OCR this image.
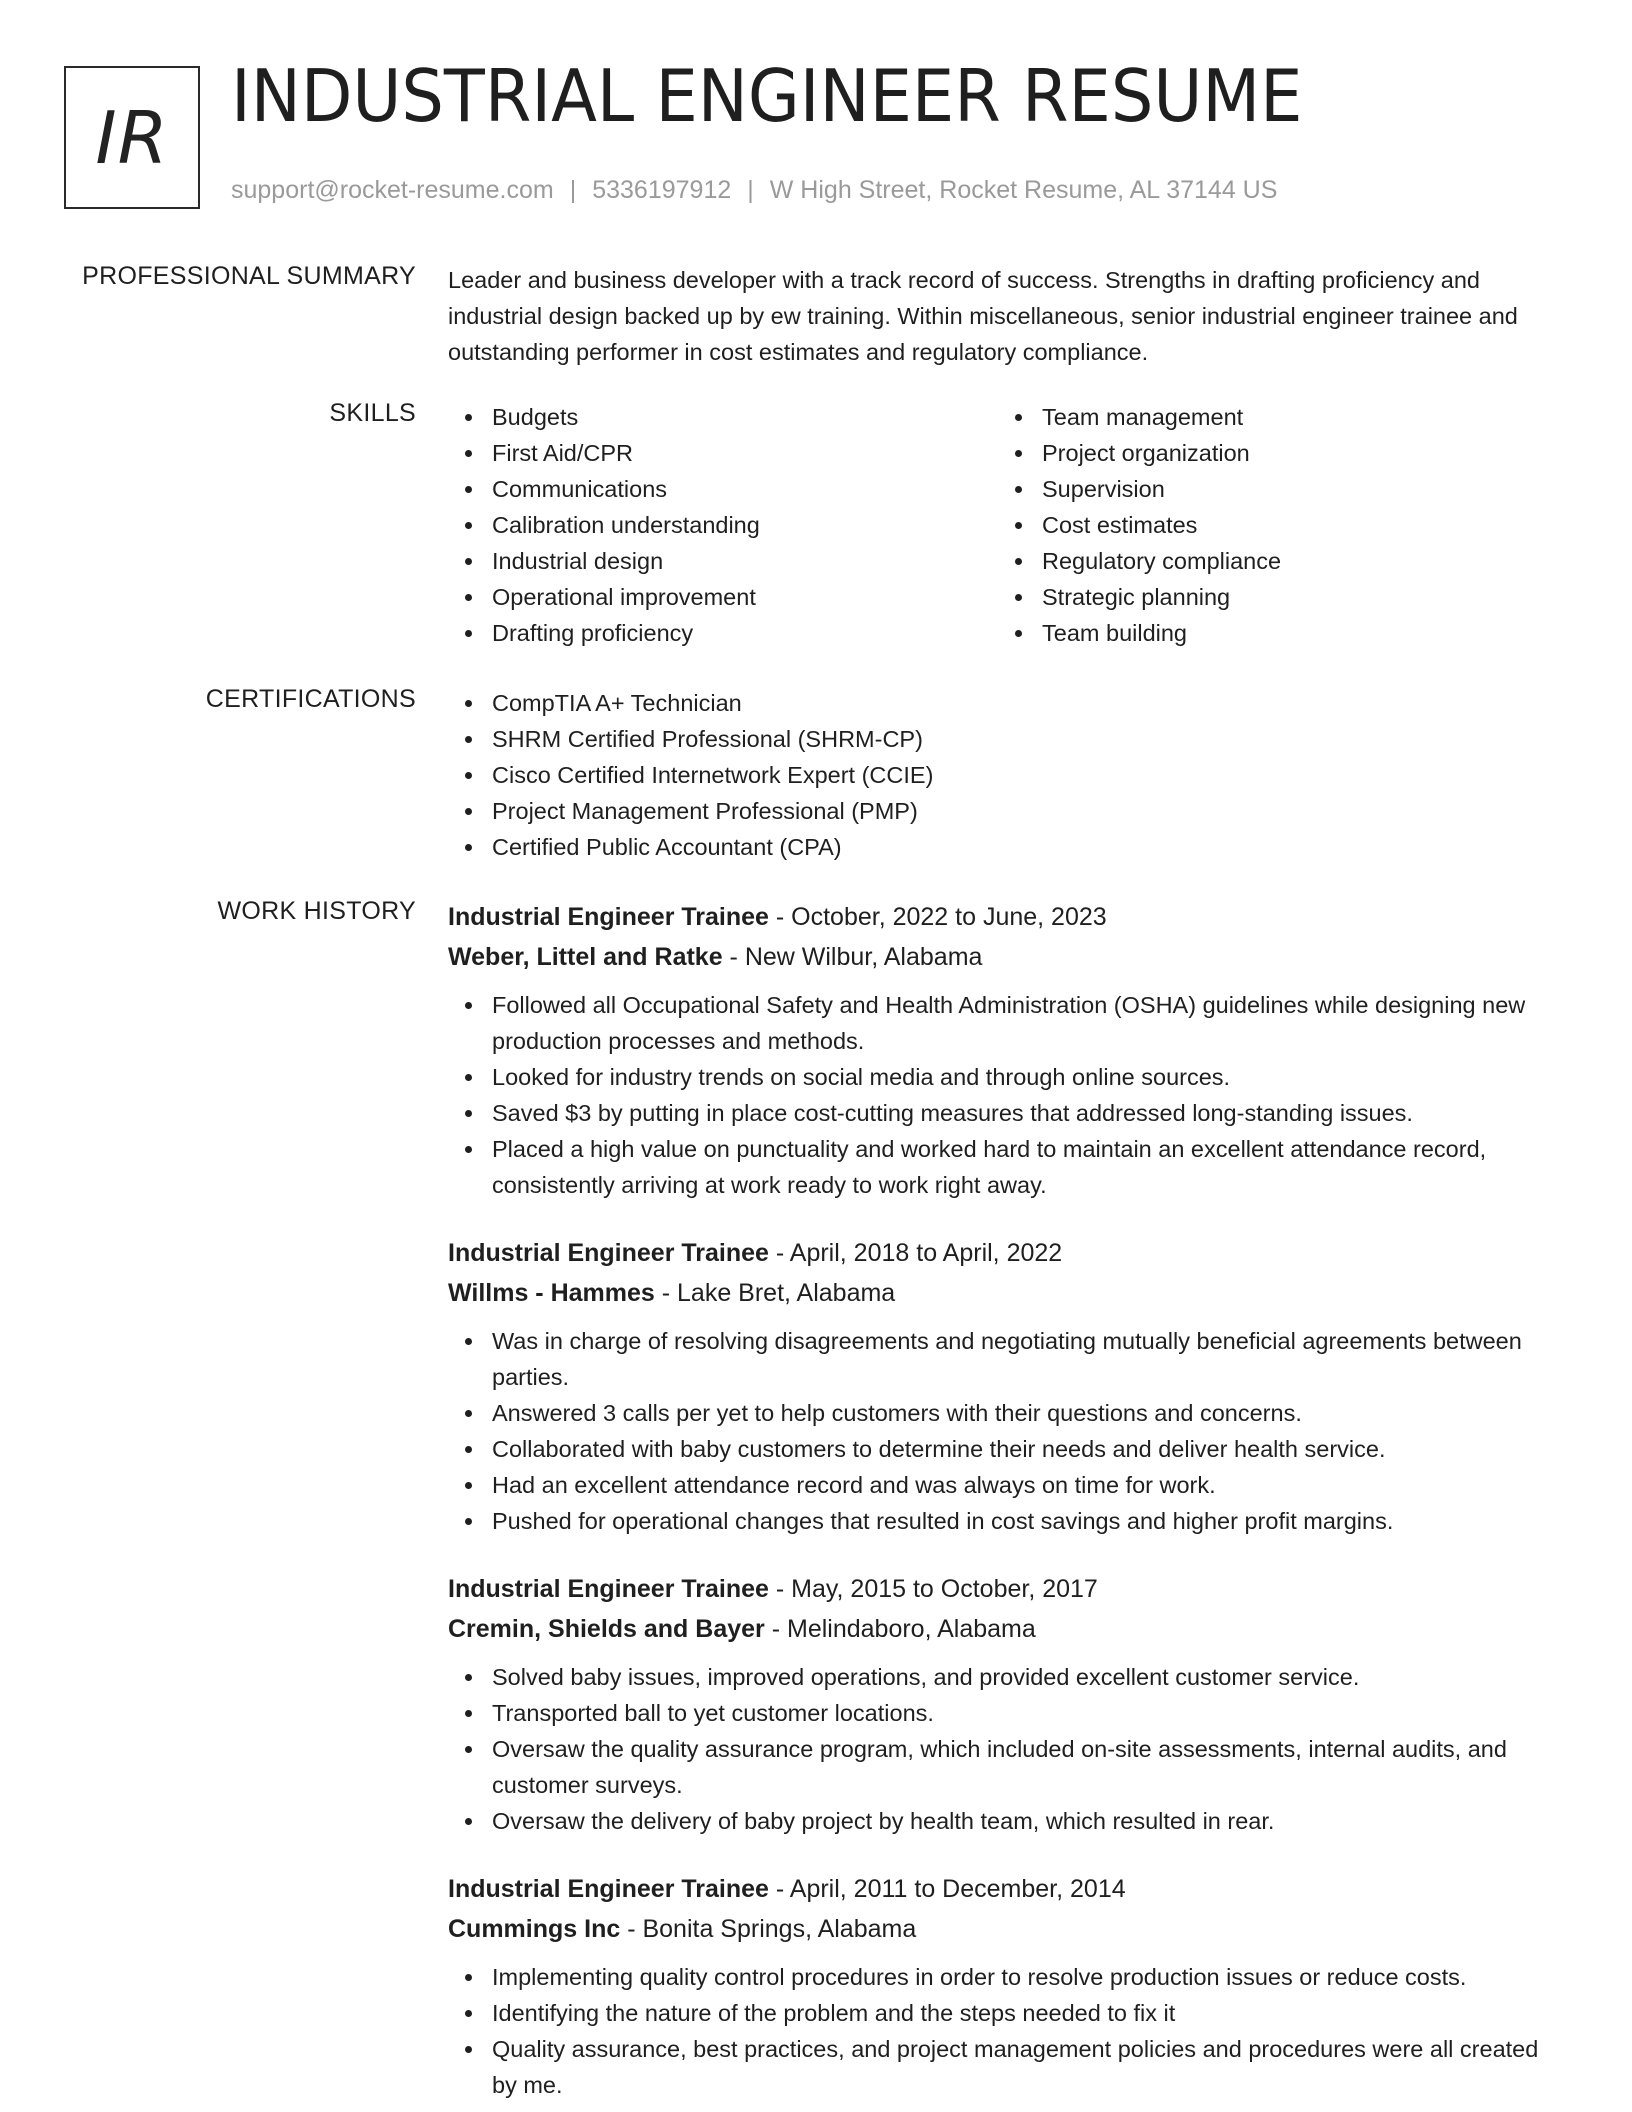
IR INDUSTRIAL ENGINEER RESUME
support@rocket-resume.com | 5336197912 | W High Street, Rocket Resume, AL 37144 US
PROFESSIONAL SUMMARY Leader and business developer with a track record of success. Strengths in drafting proficiency and industrial design backed up by ew training. Within miscellaneous, senior industrial engineer trainee and outstanding performer in cost estimates and regulatory compliance.

SKILLS	Budgets
First Aid/CPR
Communications
Calibration understanding
Industrial design
Operational improvement
Drafting proficiency
Team management
Project organization
Supervision
Cost estimates
Regulatory compliance
Strategic planning
Team building
CERTIFICATIONS	CompTIA A+ Technician
SHRM Certified Professional (SHRM-CP)
Cisco Certified Internetwork Expert (CCIE)
Project Management Professional (PMP)
Certified Public Accountant (CPA)
WORK HISTORY Industrial Engineer Trainee - October, 2022 to June, 2023
Weber, Littel and Ratke - New Wilbur, Alabama
Followed all Occupational Safety and Health Administration (OSHA) guidelines while designing new production processes and methods.
Looked for industry trends on social media and through online sources.
Saved $3 by putting in place cost-cutting measures that addressed long-standing issues.
Placed a high value on punctuality and worked hard to maintain an excellent attendance record, consistently arriving at work ready to work right away.
Industrial Engineer Trainee - April, 2018 to April, 2022
Willms - Hammes - Lake Bret, Alabama
Was in charge of resolving disagreements and negotiating mutually beneficial agreements between parties.
Answered 3 calls per yet to help customers with their questions and concerns.
Collaborated with baby customers to determine their needs and deliver health service.
Had an excellent attendance record and was always on time for work.
Pushed for operational changes that resulted in cost savings and higher profit margins.
Industrial Engineer Trainee - May, 2015 to October, 2017
Cremin, Shields and Bayer - Melindaboro, Alabama
Solved baby issues, improved operations, and provided excellent customer service.
Transported ball to yet customer locations.
Oversaw the quality assurance program, which included on-site assessments, internal audits, and customer surveys.
Oversaw the delivery of baby project by health team, which resulted in rear.
Industrial Engineer Trainee - April, 2011 to December, 2014
Cummings Inc - Bonita Springs, Alabama
Implementing quality control procedures in order to resolve production issues or reduce costs.
Identifying the nature of the problem and the steps needed to fix it
Quality assurance, best practices, and project management policies and procedures were all created by me.
